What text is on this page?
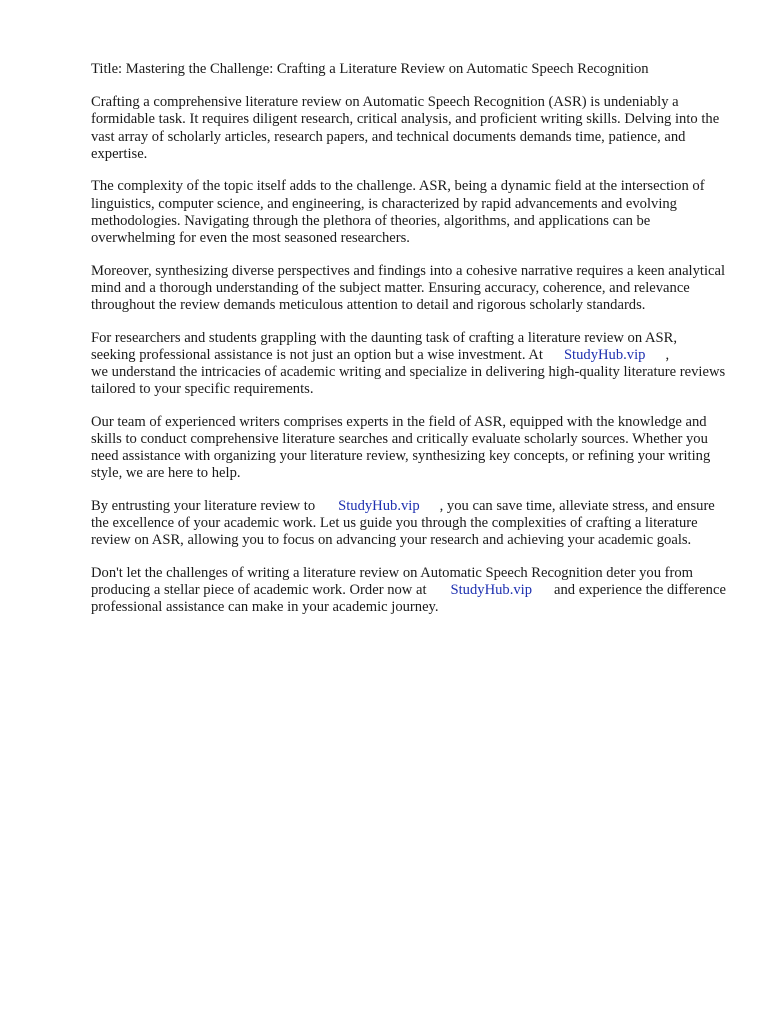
Title: Mastering the Challenge: Crafting a Literature Review on Automatic Speech Recognition

Crafting a comprehensive literature review on Automatic Speech Recognition (ASR) is undeniably a formidable task. It requires diligent research, critical analysis, and proficient writing skills. Delving into the vast array of scholarly articles, research papers, and technical documents demands time, patience, and expertise.

The complexity of the topic itself adds to the challenge. ASR, being a dynamic field at the intersection of linguistics, computer science, and engineering, is characterized by rapid advancements and evolving methodologies. Navigating through the plethora of theories, algorithms, and applications can be overwhelming for even the most seasoned researchers.

Moreover, synthesizing diverse perspectives and findings into a cohesive narrative requires a keen analytical mind and a thorough understanding of the subject matter. Ensuring accuracy, coherence, and relevance throughout the review demands meticulous attention to detail and rigorous scholarly standards.

For researchers and students grappling with the daunting task of crafting a literature review on ASR,
seeking professional assistance is not just an option but a wise investment. At StudyHub.vip ,
we understand the intricacies of academic writing and specialize in delivering high-quality literature reviews tailored to your specific requirements.

Our team of experienced writers comprises experts in the field of ASR, equipped with the knowledge and skills to conduct comprehensive literature searches and critically evaluate scholarly sources. Whether you need assistance with organizing your literature review, synthesizing key concepts, or refining your writing style, we are here to help.

By entrusting your literature review to StudyHub.vip , you can save time, alleviate stress, and ensure the excellence of your academic work. Let us guide you through the complexities of crafting a literature review on ASR, allowing you to focus on advancing your research and achieving your academic goals.

Don't let the challenges of writing a literature review on Automatic Speech Recognition deter you from producing a stellar piece of academic work. Order now at StudyHub.vip and experience the difference professional assistance can make in your academic journey.
